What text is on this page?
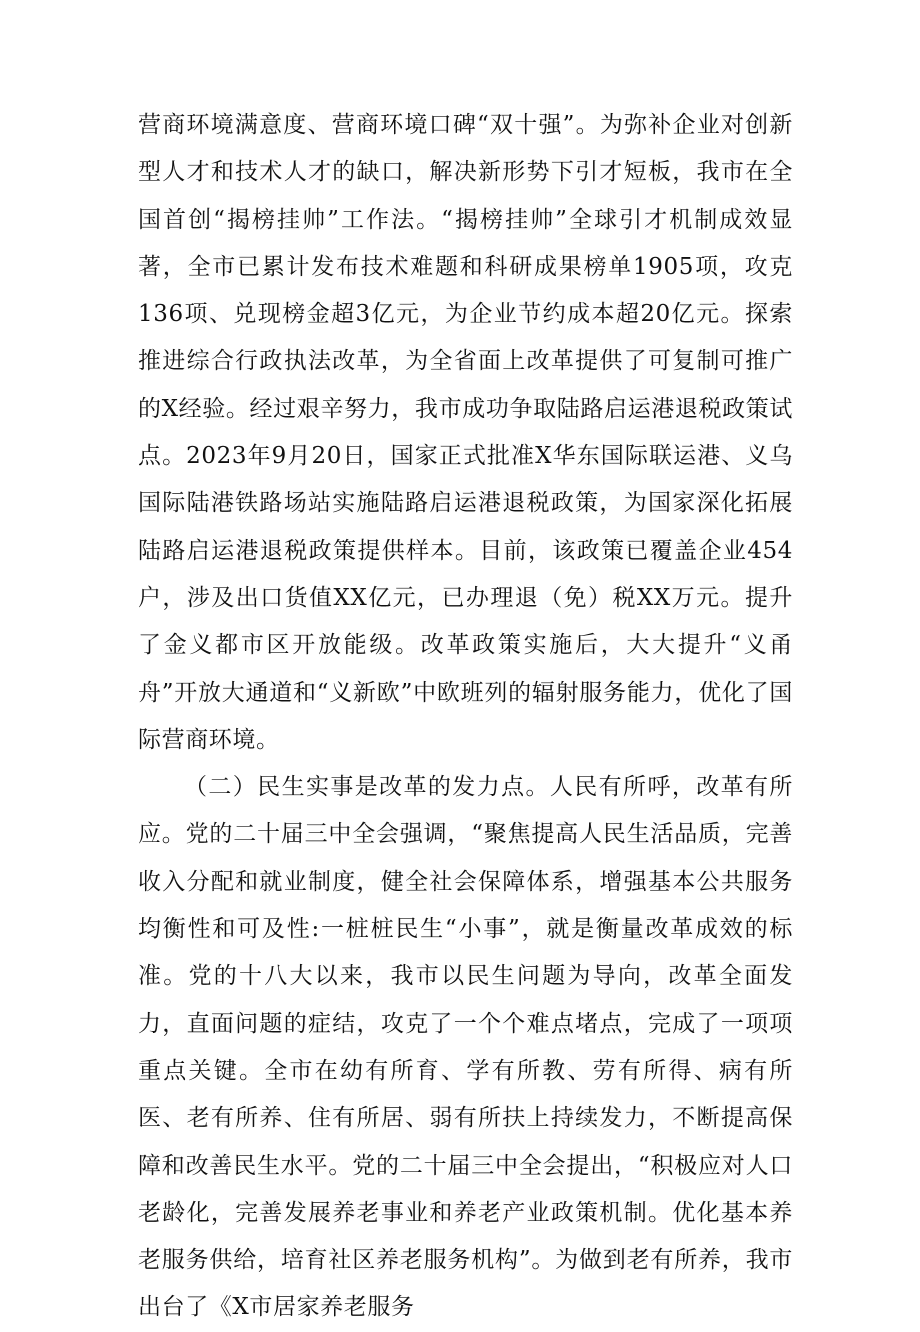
营商环境满意度、营商环境口碑“双十强”。为弥补企业对创新型人才和技术人才的缺口，解决新形势下引才短板，我市在全国首创“揭榜挂帅”工作法。“揭榜挂帅”全球引才机制成效显著，全市已累计发布技术难题和科研成果榜单1905项，攻克136项、兑现榜金超3亿元，为企业节约成本超20亿元。探索推进综合行政执法改革，为全省面上改革提供了可复制可推广的X经验。经过艰辛努力，我市成功争取陆路启运港退税政策试点。2023年9月20日，国家正式批准X华东国际联运港、义乌国际陆港铁路场站实施陆路启运港退税政策，为国家深化拓展陆路启运港退税政策提供样本。目前，该政策已覆盖企业454户，涉及出口货值XX亿元，已办理退（免）税XX万元。提升了金义都市区开放能级。改革政策实施后，大大提升“义甬舟”开放大通道和“义新欧”中欧班列的辐射服务能力，优化了国际营商环境。

（二）民生实事是改革的发力点。人民有所呼，改革有所应。党的二十届三中全会强调，“聚焦提高人民生活品质，完善收入分配和就业制度，健全社会保障体系，增强基本公共服务均衡性和可及性:一桩桩民生“小事”，就是衡量改革成效的标准。党的十八大以来，我市以民生问题为导向，改革全面发力，直面问题的症结，攻克了一个个难点堵点，完成了一项项重点关键。全市在幼有所育、学有所教、劳有所得、病有所医、老有所养、住有所居、弱有所扶上持续发力，不断提高保障和改善民生水平。党的二十届三中全会提出，“积极应对人口老龄化，完善发展养老事业和养老产业政策机制。优化基本养老服务供给，培育社区养老服务机构”。为做到老有所养，我市出台了《X市居家养老服务
